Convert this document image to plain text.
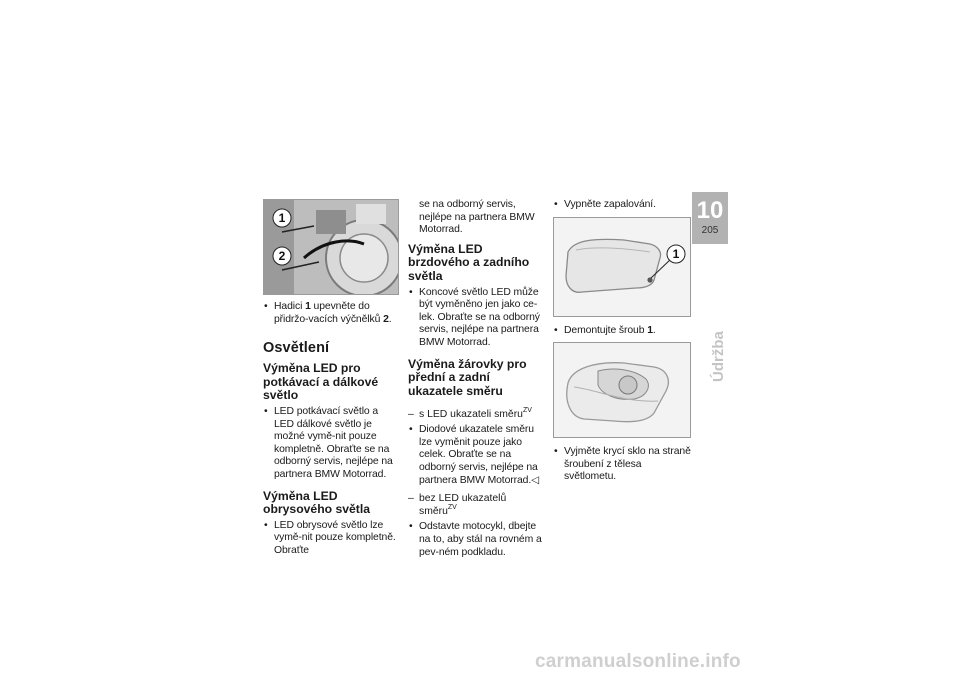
1
2

• Hadici 1 upevněte do přidržo-vacích výčnělků 2.

Osvětlení
Výměna LED pro potkávací a dálkové světlo

• LED potkávací světlo a LED dálkové světlo je možné vymě-nit pouze kompletně. Obraťte se na odborný servis, nejlépe na partnera BMW Motorrad.

Výměna LED obrysového světla

• LED obrysové světlo lze vymě-nit pouze kompletně. Obraťte

se na odborný servis, nejlépe na partnera BMW Motorrad.

Výměna LED brzdového a zadního světla

• Koncové světlo LED může být vyměněno jen jako ce-lek. Obraťte se na odborný servis, nejlépe na partnera BMW Motorrad.

Výměna žárovky pro přední a zadní ukazatele směru

– s LED ukazateli směru$^{ZV}$

• Diodové ukazatele směru lze vyměnit pouze jako celek. Obraťte se na odborný servis, nejlépe na partnera BMW Motorrad.◁

– bez LED ukazatelů směru$^{ZV}$

• Odstavte motocykl, dbejte na to, aby stál na rovném a pev-ném podkladu.

• Vypněte zapalování.

1

• Demontujte šroub 1.

• Vyjměte krycí sklo na straně šroubení z tělesa světlometu.

10
205
Údržba
carmanualsonline.info
